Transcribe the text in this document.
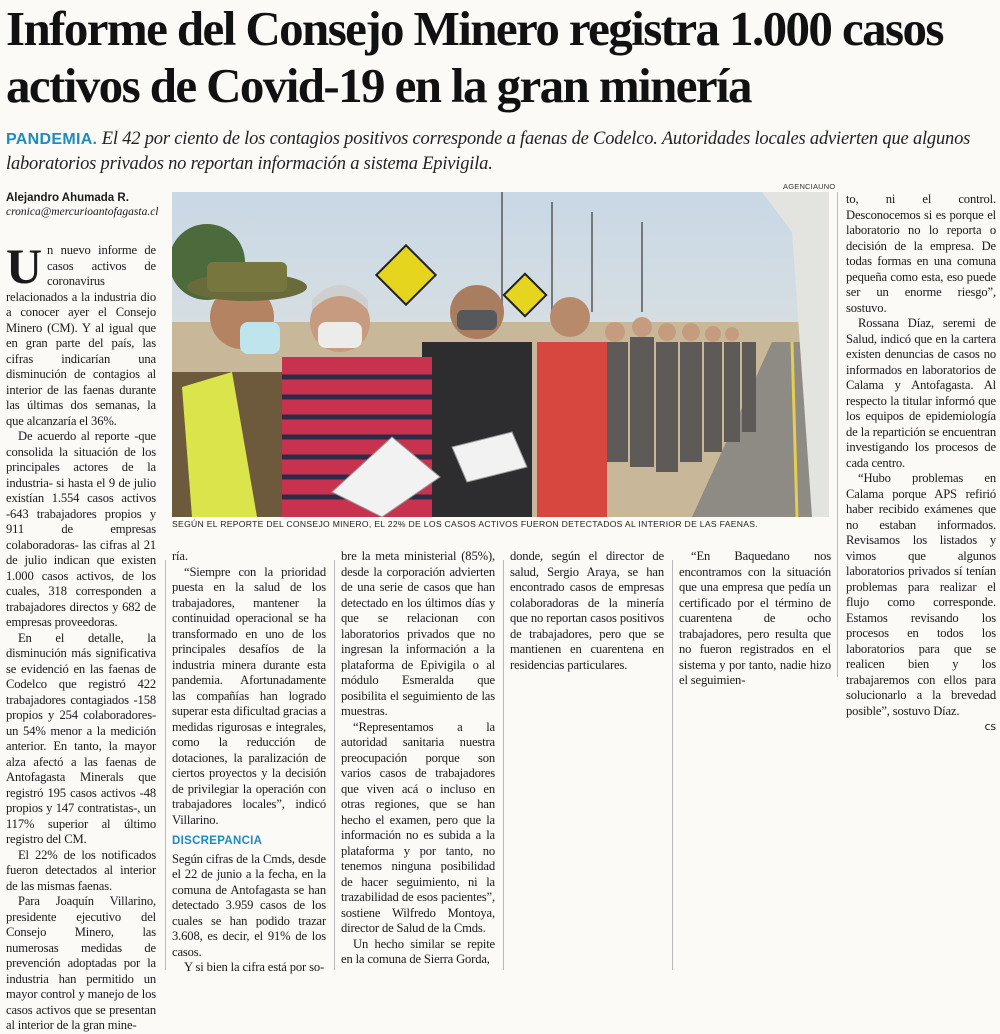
Informe del Consejo Minero registra 1.000 casos activos de Covid-19 en la gran minería
PANDEMIA. El 42 por ciento de los contagios positivos corresponde a faenas de Codelco. Autoridades locales advierten que algunos laboratorios privados no reportan información a sistema Epivigila.
Alejandro Ahumada R.
cronica@mercurioantofagasta.cl
AGENCIAUNO
SEGÚN EL REPORTE DEL CONSEJO MINERO, EL 22% DE LOS CASOS ACTIVOS FUERON DETECTADOS AL INTERIOR DE LAS FAENAS.

Un nuevo informe de casos activos de coronavirus relacionados a la industria dio a conocer ayer el Consejo Minero (CM). Y al igual que en gran parte del país, las cifras indicarían una disminución de contagios al interior de las faenas durante las últimas dos semanas, la que alcanzaría el 36%.

De acuerdo al reporte -que consolida la situación de los principales actores de la industria- si hasta el 9 de julio existían 1.554 casos activos -643 trabajadores propios y 911 de empresas colaboradoras- las cifras al 21 de julio indican que existen 1.000 casos activos, de los cuales, 318 corresponden a trabajadores directos y 682 de empresas proveedoras.

En el detalle, la disminución más significativa se evidenció en las faenas de Codelco que registró 422 trabajadores contagiados -158 propios y 254 colaboradores- un 54% menor a la medición anterior. En tanto, la mayor alza afectó a las faenas de Antofagasta Minerals que registró 195 casos activos -48 propios y 147 contratistas-, un 117% superior al último registro del CM.

El 22% de los notificados fueron detectados al interior de las mismas faenas.

Para Joaquín Villarino, presidente ejecutivo del Consejo Minero, las numerosas medidas de prevención adoptadas por la industria han permitido un mayor control y manejo de los casos activos que se presentan al interior de la gran mine-

ría.

“Siempre con la prioridad puesta en la salud de los trabajadores, mantener la continuidad operacional se ha transformado en uno de los principales desafíos de la industria minera durante esta pandemia. Afortunadamente las compañías han logrado superar esta dificultad gracias a medidas rigurosas e integrales, como la reducción de dotaciones, la paralización de ciertos proyectos y la decisión de privilegiar la operación con trabajadores locales”, indicó Villarino.

DISCREPANCIA

Según cifras de la Cmds, desde el 22 de junio a la fecha, en la comuna de Antofagasta se han detectado 3.959 casos de los cuales se han podido trazar 3.608, es decir, el 91% de los casos.

Y si bien la cifra está por so-

bre la meta ministerial (85%), desde la corporación advierten de una serie de casos que han detectado en los últimos días y que se relacionan con laboratorios privados que no ingresan la información a la plataforma de Epivigila o al módulo Esmeralda que posibilita el seguimiento de las muestras.

“Representamos a la autoridad sanitaria nuestra preocupación porque son varios casos de trabajadores que viven acá o incluso en otras regiones, que se han hecho el examen, pero que la información no es subida a la plataforma y por tanto, no tenemos ninguna posibilidad de hacer seguimiento, ni la trazabilidad de esos pacientes”, sostiene Wilfredo Montoya, director de Salud de la Cmds.

Un hecho similar se repite en la comuna de Sierra Gorda,

donde, según el director de salud, Sergio Araya, se han encontrado casos de empresas colaboradoras de la minería que no reportan casos positivos de trabajadores, pero que se mantienen en cuarentena en residencias particulares.

“En Baquedano nos encontramos con la situación que una empresa que pedía un certificado por el término de cuarentena de ocho trabajadores, pero resulta que no fueron registrados en el sistema y por tanto, nadie hizo el seguimien-

to, ni el control. Desconocemos si es porque el laboratorio no lo reporta o decisión de la empresa. De todas formas en una comuna pequeña como esta, eso puede ser un enorme riesgo”, sostuvo.

Rossana Díaz, seremi de Salud, indicó que en la cartera existen denuncias de casos no informados en laboratorios de Calama y Antofagasta. Al respecto la titular informó que los equipos de epidemiología de la repartición se encuentran investigando los procesos de cada centro.

“Hubo problemas en Calama porque APS refirió haber recibido exámenes que no estaban informados. Revisamos los listados y vimos que algunos laboratorios privados sí tenían problemas para realizar el flujo como corresponde. Estamos revisando los procesos en todos los laboratorios para que se realicen bien y los trabajaremos con ellos para solucionarlo a la brevedad posible”, sostuvo Díaz.

cs
